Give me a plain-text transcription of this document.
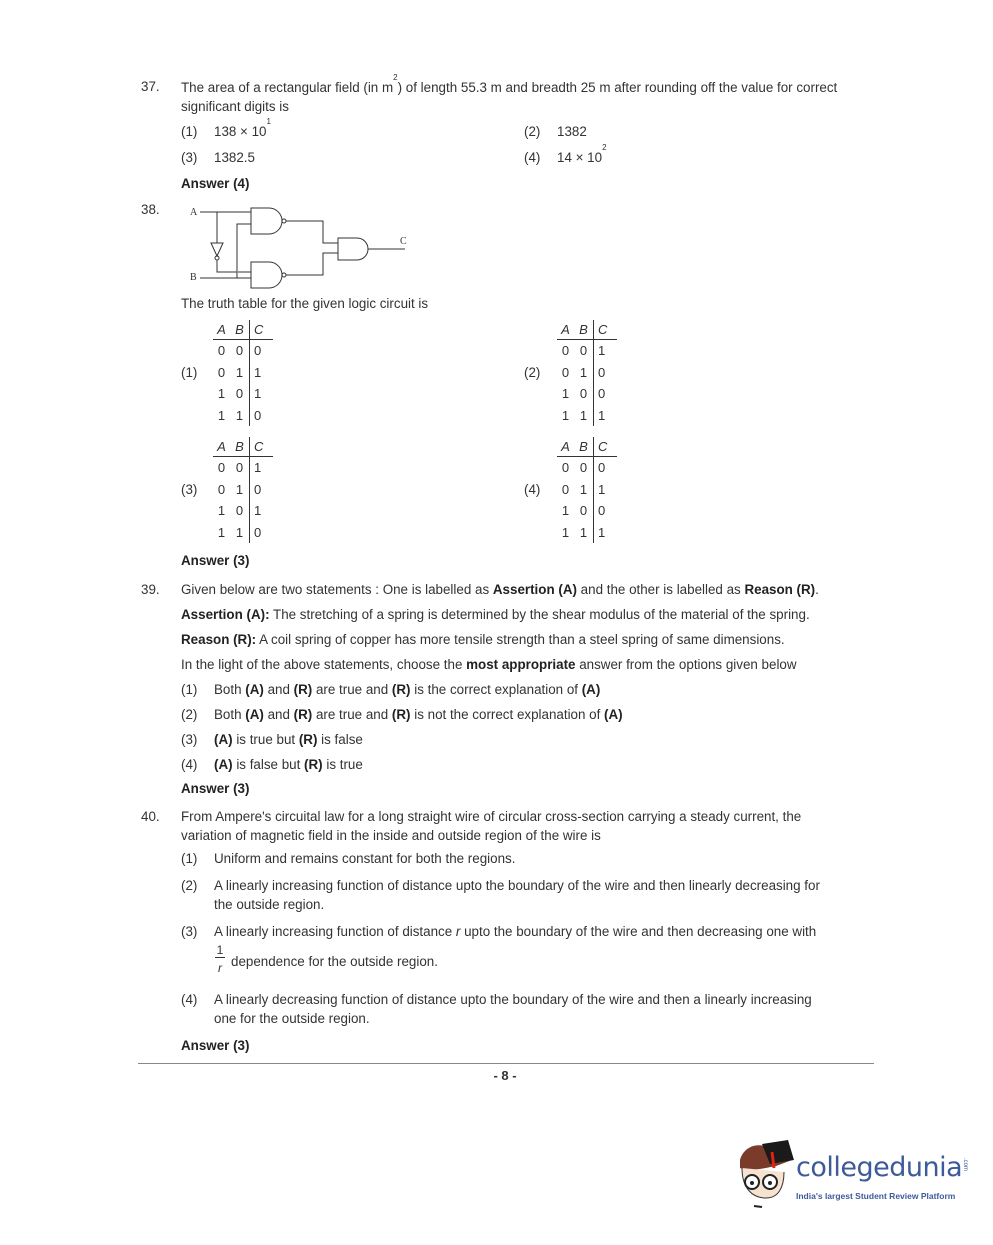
37. The area of a rectangular field (in $m^2$) of length 55.3 m and breadth 25 m after rounding off the value for correct
significant digits is
(1) $138 \times 10^1$
(2) 1382
(3) 1382.5	(4) $14 \times 10^2$
Answer (4)
38.	A
B
C
The truth table for the given logic circuit is
(1)
A B C
0 0 0
0 1 1
1 0 1
1 1 0
(2)
A B C
0 0 1
0 1 0
1 0 0
1 1 1
(3)
A B C
0 0 1
0 1 0
1 0 1
1 1 0
(4)
A B C
0 0 0
0 1 1
1 0 0
1 1 1
Answer (3)
39. Given below are two statements : One is labelled as Assertion (A) and the other is labelled as Reason (R).
Assertion (A): The stretching of a spring is determined by the shear modulus of the material of the spring.
Reason (R): A coil spring of copper has more tensile strength than a steel spring of same dimensions.
In the light of the above statements, choose the most appropriate answer from the options given below
(1) Both (A) and (R) are true and (R) is the correct explanation of (A)
(2) Both (A) and (R) are true and (R) is not the correct explanation of (A)
(3) (A) is true but (R) is false
(4) (A) is false but (R) is true
Answer (3)
40. From Ampere's circuital law for a long straight wire of circular cross-section carrying a steady current, the
variation of magnetic field in the inside and outside region of the wire is
(1) Uniform and remains constant for both the regions.
(2) A linearly increasing function of distance upto the boundary of the wire and then linearly decreasing for
the outside region.
(3) A linearly increasing function of distance r upto the boundary of the wire and then decreasing one with
1
r dependence for the outside region.
(4) A linearly decreasing function of distance upto the boundary of the wire and then a linearly increasing
one for the outside region.
Answer (3)
- 8 -
collegedunia .com
India's largest Student Review Platform
